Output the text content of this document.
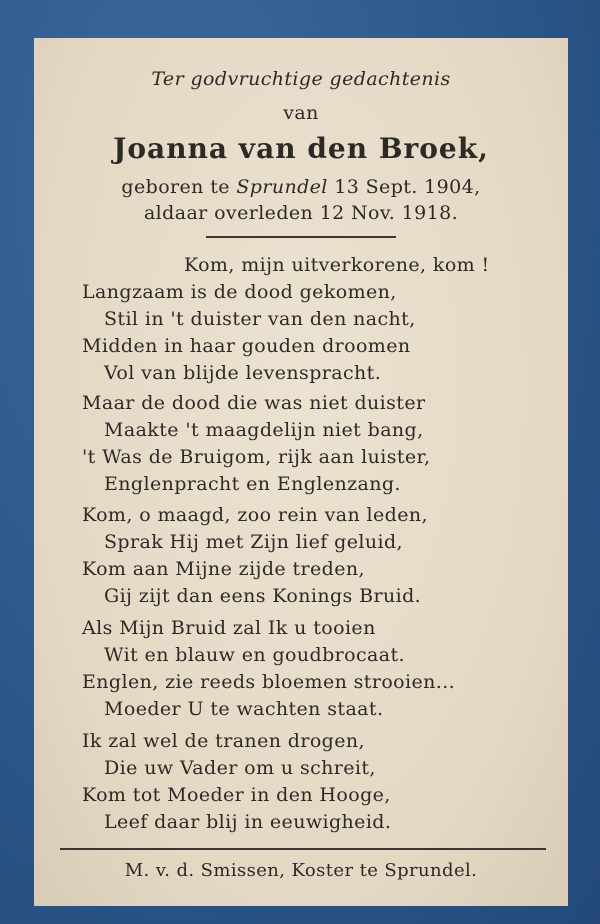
Ter godvruchtige gedachtenis
van
Joanna van den Broek,
geboren te Sprundel 13 Sept. 1904,
aldaar overleden 12 Nov. 1918.
Kom, mijn uitverkorene, kom !
Langzaam is de dood gekomen,
Stil in 't duister van den nacht,
Midden in haar gouden droomen
Vol van blijde levenspracht.
Maar de dood die was niet duister
Maakte 't maagdelijn niet bang,
't Was de Bruigom, rijk aan luister,
Englenpracht en Englenzang.
Kom, o maagd, zoo rein van leden,
Sprak Hij met Zijn lief geluid,
Kom aan Mijne zijde treden,
Gij zijt dan eens Konings Bruid.
Als Mijn Bruid zal Ik u tooien
Wit en blauw en goudbrocaat.
Englen, zie reeds bloemen strooien...
Moeder U te wachten staat.
Ik zal wel de tranen drogen,
Die uw Vader om u schreit,
Kom tot Moeder in den Hooge,
Leef daar blij in eeuwigheid.
M. v. d. Smissen, Koster te Sprundel.
